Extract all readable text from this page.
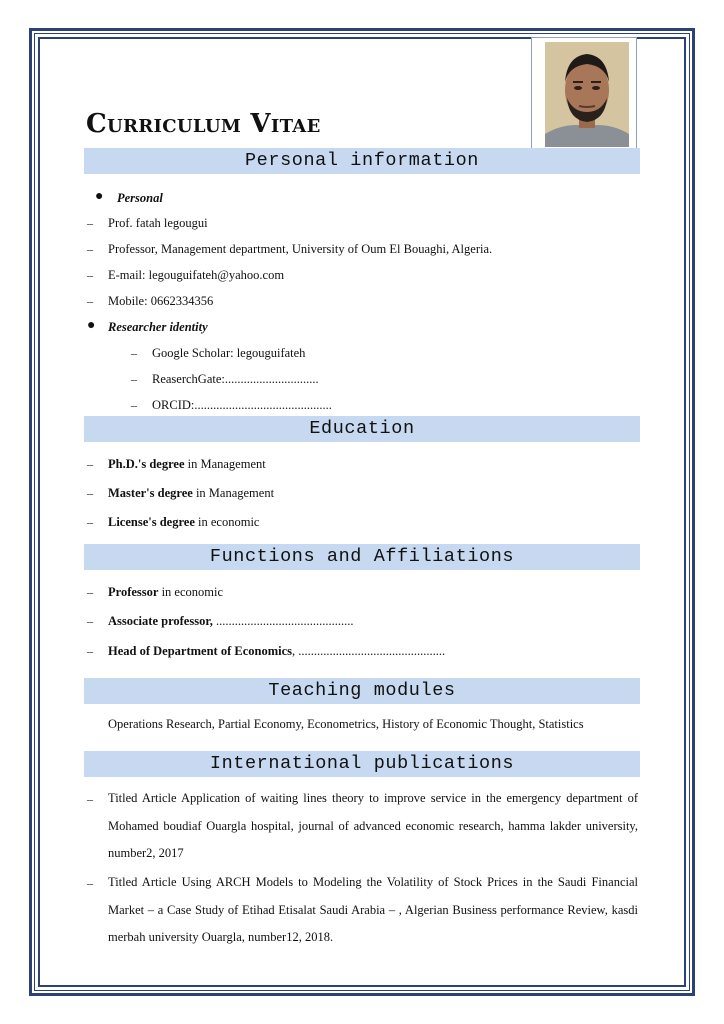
Curriculum Vitae
Personal information
● Personal
– Prof. fatah legougui
– Professor, Management department, University of Oum El Bouaghi, Algeria.
– E-mail: legouguifateh@yahoo.com
– Mobile: 0662334356
● Researcher identity
– Google Scholar: legouguifateh
– ReaserchGate:..............................
– ORCID:............................................
Education
– Ph.D.'s degree in Management
– Master's degree in Management
– License's degree in economic
Functions and Affiliations
– Professor in economic
– Associate professor, ............................................
– Head of Department of Economics, ...............................................
Teaching modules
Operations Research, Partial Economy, Econometrics, History of Economic Thought, Statistics
International publications
– Titled Article Application of waiting lines theory to improve service in the emergency department of Mohamed boudiaf Ouargla hospital, journal of advanced economic research, hamma lakder university, number2, 2017
– Titled Article Using ARCH Models to Modeling the Volatility of Stock Prices in the Saudi Financial Market – a Case Study of Etihad Etisalat Saudi Arabia – , Algerian Business performance Review, kasdi merbah university Ouargla, number12, 2018.
